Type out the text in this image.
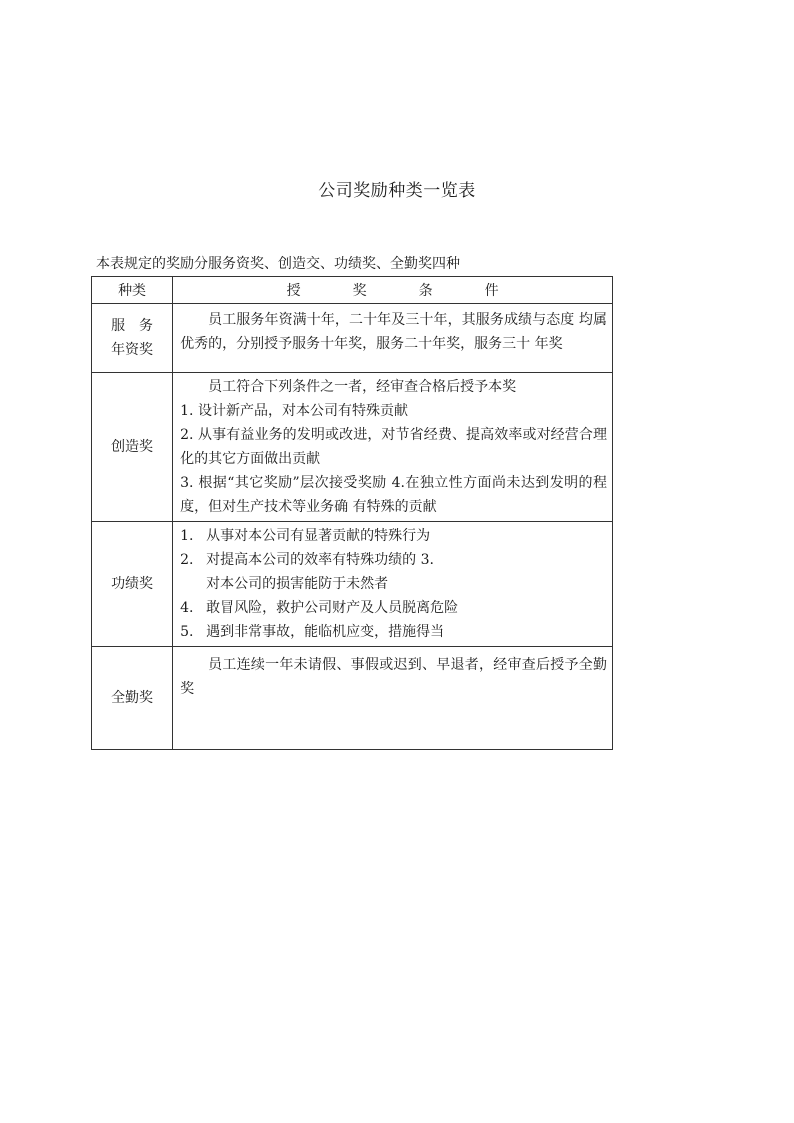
公司奖励种类一览表
本表规定的奖励分服务资奖、创造交、功绩奖、全勤奖四种
种类	授 奖 条 件

服　务
年资奖	员工服务年资满十年，二十年及三十年，其服务成绩与态度 均属优秀的，分别授予服务十年奖，服务二十年奖，服务三十 年奖

创造奖	员工符合下列条件之一者，经审查合格后授予本奖
1. 设计新产品，对本公司有特殊贡献
2. 从事有益业务的发明或改进，对节省经费、提高效率或对经营合理化的其它方面做出贡献
3. 根据“其它奖励”层次接受奖励 4.在独立性方面尚未达到发明的程度，但对生产技术等业务确 有特殊的贡献

功绩奖	1. 从事对本公司有显著贡献的特殊行为
2. 对提高本公司的效率有特殊功绩的 3.
对本公司的损害能防于未然者
4. 敢冒风险，救护公司财产及人员脱离危险
5. 遇到非常事故，能临机应变，措施得当

全勤奖	员工连续一年未请假、事假或迟到、早退者，经审查后授予全勤奖
